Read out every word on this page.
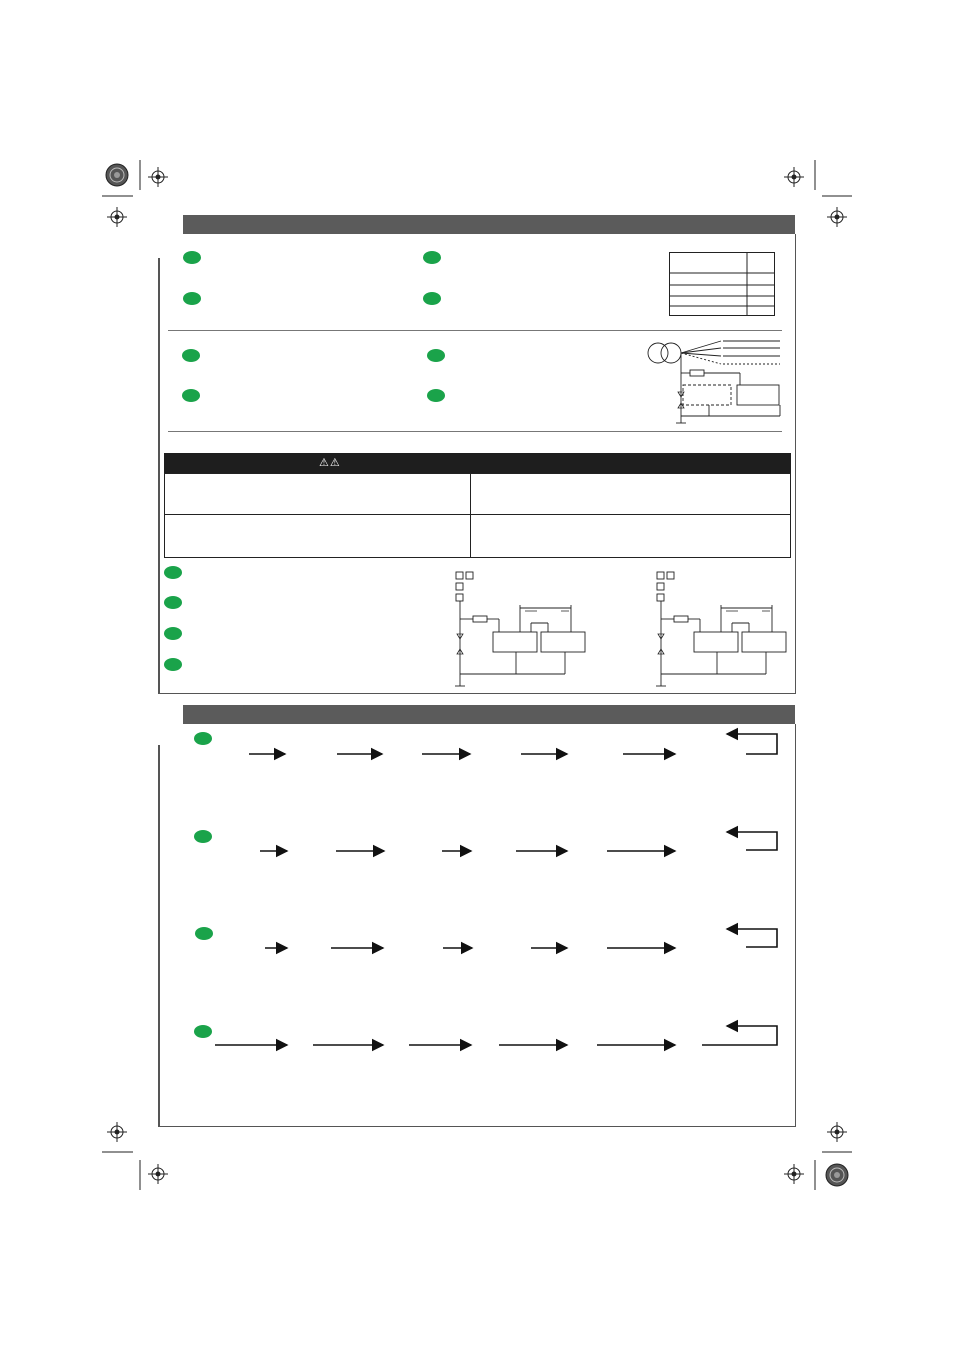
⚠⚠
